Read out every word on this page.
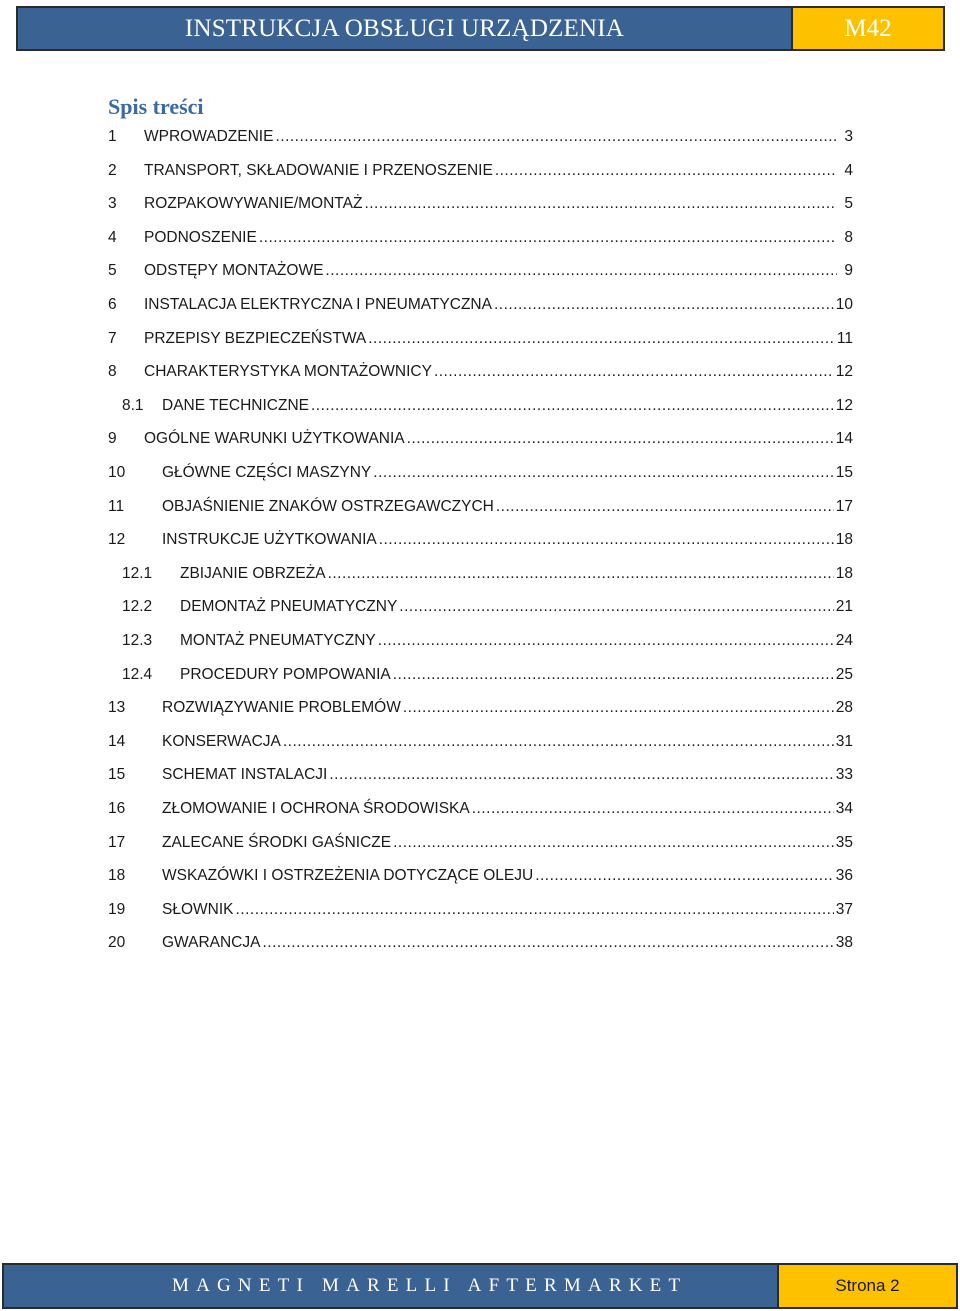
INSTRUKCJA OBSŁUGI URZĄDZENIA	M42
Spis treści
1	WPROWADZENIE .....	3
2	TRANSPORT, SKŁADOWANIE I PRZENOSZENIE .....	4
3	ROZPAKOWYWANIE/MONTAŻ .....	5
4	PODNOSZENIE .....	8
5	ODSTĘPY MONTAŻOWE .....	9
6	INSTALACJA ELEKTRYCZNA I PNEUMATYCZNA .....	10
7	PRZEPISY BEZPIECZEŃSTWA .....	11
8	CHARAKTERYSTYKA MONTAŻOWNICY .....	12
8.1	DANE TECHNICZNE .....	12
9	OGÓLNE WARUNKI UŻYTKOWANIA .....	14
10	GŁÓWNE CZĘŚCI MASZYNY .....	15
11	OBJAŚNIENIE ZNAKÓW OSTRZEGAWCZYCH .....	17
12	INSTRUKCJE UŻYTKOWANIA .....	18
12.1	ZBIJANIE OBRZEŻA .....	18
12.2	DEMONTAŻ PNEUMATYCZNY .....	21
12.3	MONTAŻ PNEUMATYCZNY .....	24
12.4	PROCEDURY POMPOWANIA .....	25
13	ROZWIĄZYWANIE PROBLEMÓW .....	28
14	KONSERWACJA .....	31
15	SCHEMAT INSTALACJI .....	33
16	ZŁOMOWANIE I OCHRONA ŚRODOWISKA .....	34
17	ZALECANE ŚRODKI GAŚNICZE .....	35
18	WSKAZÓWKI I OSTRZEŻENIA DOTYCZĄCE OLEJU .....	36
19	SŁOWNIK .....	37
20	GWARANCJA .....	38
MAGNETI MARELLI AFTERMARKET	Strona 2
